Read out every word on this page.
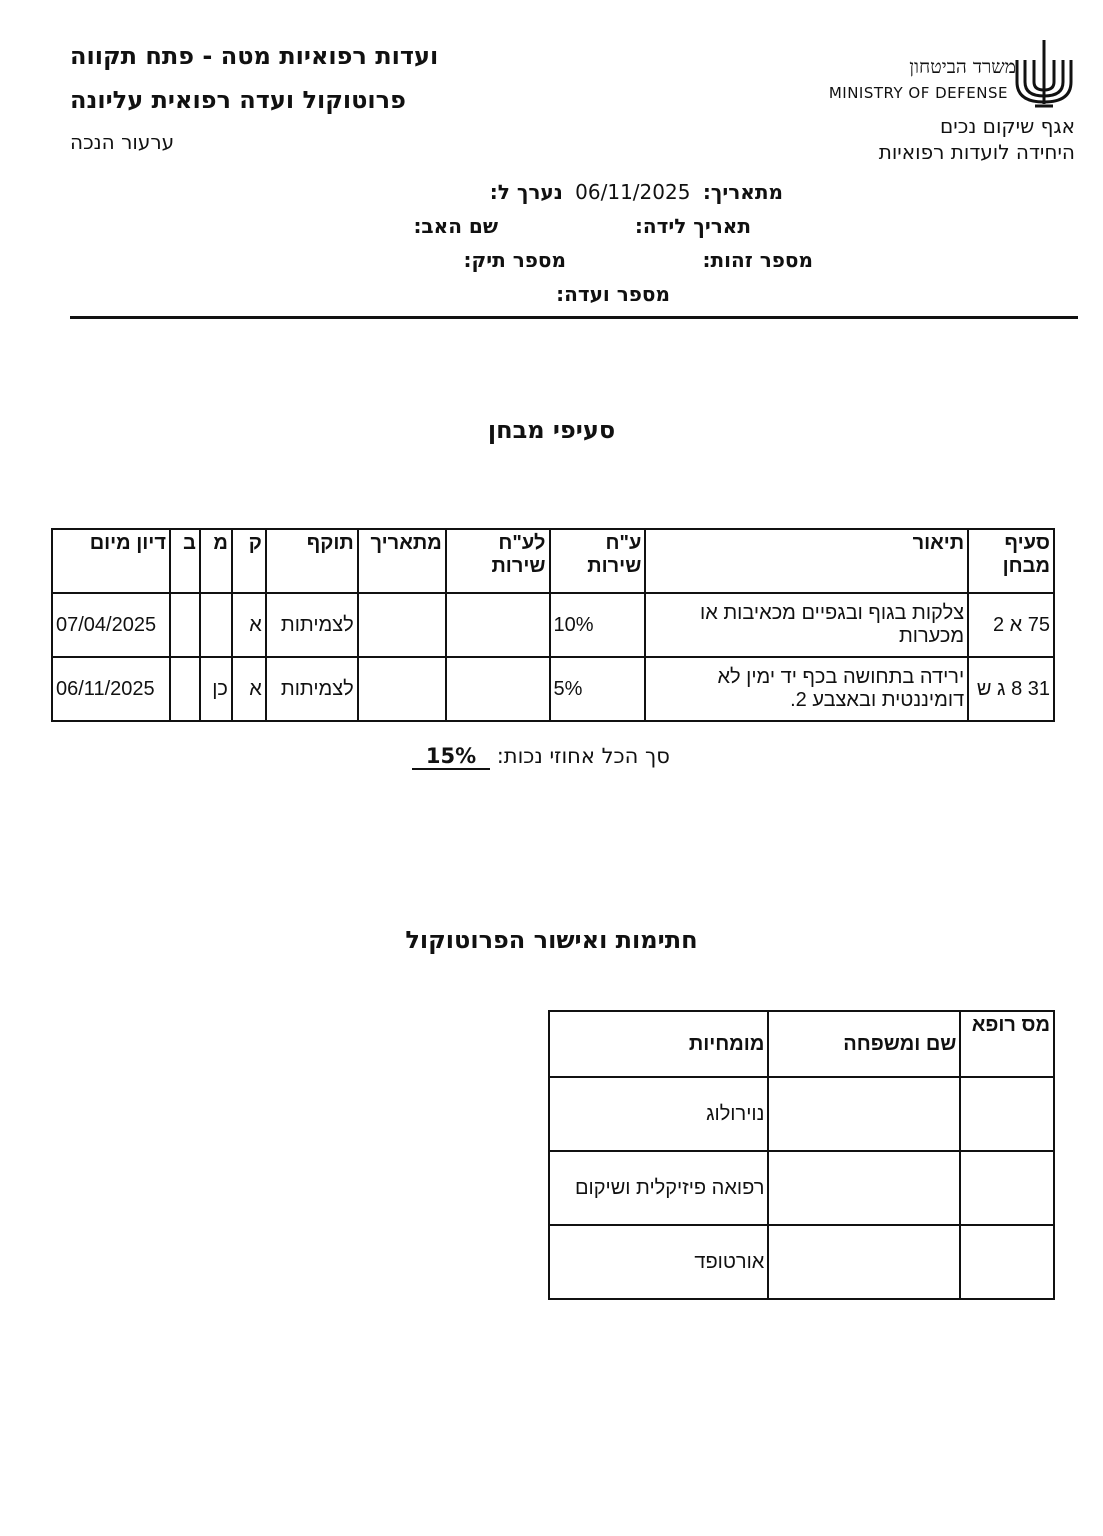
משרד הביטחון
MINISTRY OF DEFENSE
אגף שיקום נכים
היחידה לועדות רפואיות
ועדות רפואיות מטה - פתח תקווה
פרוטוקול ועדה רפואית עליונה
ערעור הנכה
מתאריך: 06/11/2025 נערך ל:
תאריך לידה:
שם האב:
מספר זהות:
מספר תיק:
מספר ועדה:
סעיפי מבחן
סעיף מבחן	תיאור	ע"ח שירות	לע"ח שירות	מתאריך	תוקף	ק	מ	ב	דיון מיום
75 א 2	צלקות בגוף ובגפיים מכאיבות או מכערות	10%			לצמיתות	א			07/04/2025
31 8 ג ש	ירידה בתחושה בכף יד ימין לא דומיננטית ובאצבע 2.	5%			לצמיתות	א	כן		06/11/2025
סך הכל אחוזי נכות: 15%
חתימות ואישור הפרוטוקול
מס רופא	שם ומשפחה	מומחיות
		נוירולוג
		רפואה פיזיקלית ושיקום
		אורטופד
